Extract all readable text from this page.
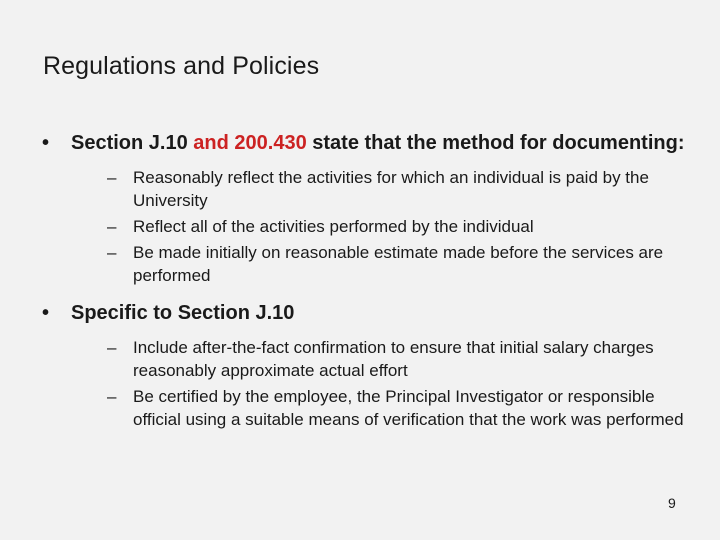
Regulations and Policies
• Section J.10 and 200.430 state that the method for documenting:
– Reasonably reflect the activities for which an individual is paid by the University
– Reflect all of the activities performed by the individual
– Be made initially on reasonable estimate made before the services are performed
• Specific to Section J.10
– Include after-the-fact confirmation to ensure that initial salary charges reasonably approximate actual effort
– Be certified by the employee, the Principal Investigator or responsible official using a suitable means of verification that the work was performed
9
